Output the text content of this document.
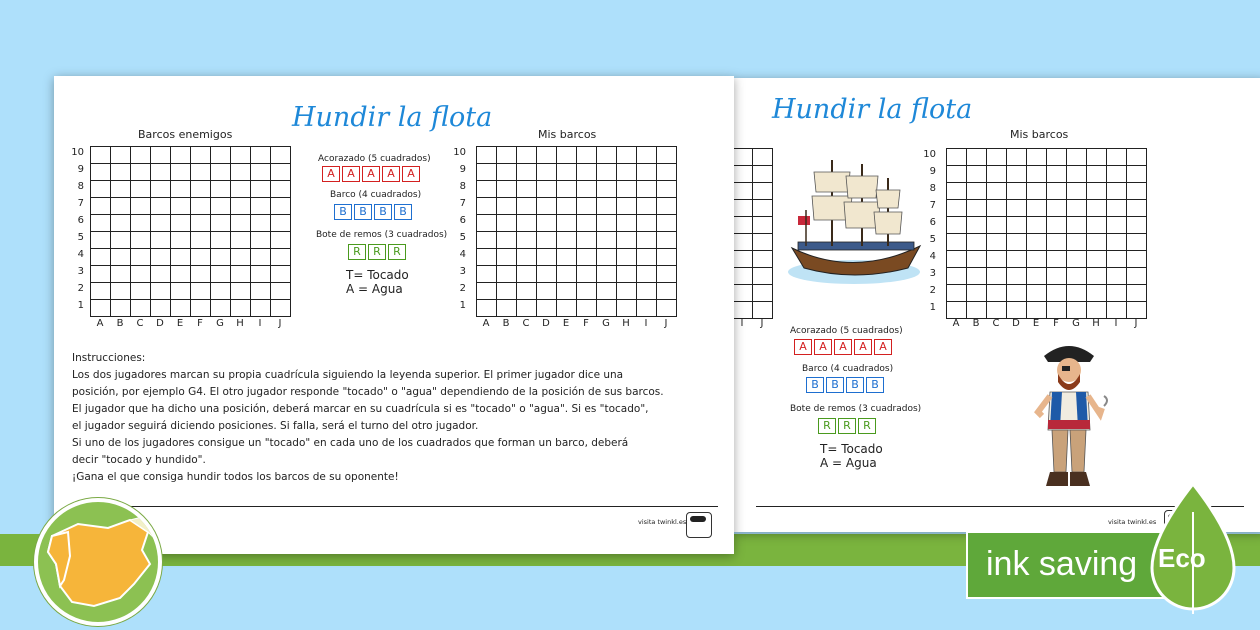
Hundir la flota
I	J
Mis barcos
10
9
8
7
6
5
4
3
2
1
A	B	C	D	E	F	G	H	I	J
Acorazado (5 cuadrados)
A	A	A	A	A
Barco (4 cuadrados)
B	B	B	B
Bote de remos (3 cuadrados)
R	R	R
T= Tocado
A = Agua
visita twinkl.es
Hundir la flota
Barcos enemigos	Mis barcos
10
9
8
7
6
5
4
3
2
1
A	B	C	D	E	F	G	H	I	J
Acorazado (5 cuadrados)
A	A	A	A	A
Barco (4 cuadrados)
B	B	B	B
Bote de remos (3 cuadrados)
R	R	R
T= Tocado
A = Agua
10
9
8
7
6
5
4
3
2
1
A	B	C	D	E	F	G	H	I	J

Instrucciones:

Los dos jugadores marcan su propia cuadrícula siguiendo la leyenda superior. El primer jugador dice una

posición, por ejemplo G4. El otro jugador responde "tocado" o "agua" dependiendo de la posición de sus barcos.

El jugador que ha dicho una posición, deberá marcar en su cuadrícula si es "tocado" o "agua". Si es "tocado",

el jugador seguirá diciendo posiciones. Si falla, será el turno del otro jugador.

Si uno de los jugadores consigue un "tocado" en cada uno de los cuadrados que forman un barco, deberá

decir "tocado y hundido".

¡Gana el que consiga hundir todos los barcos de su oponente!

visita twinkl.es
ink saving Eco
